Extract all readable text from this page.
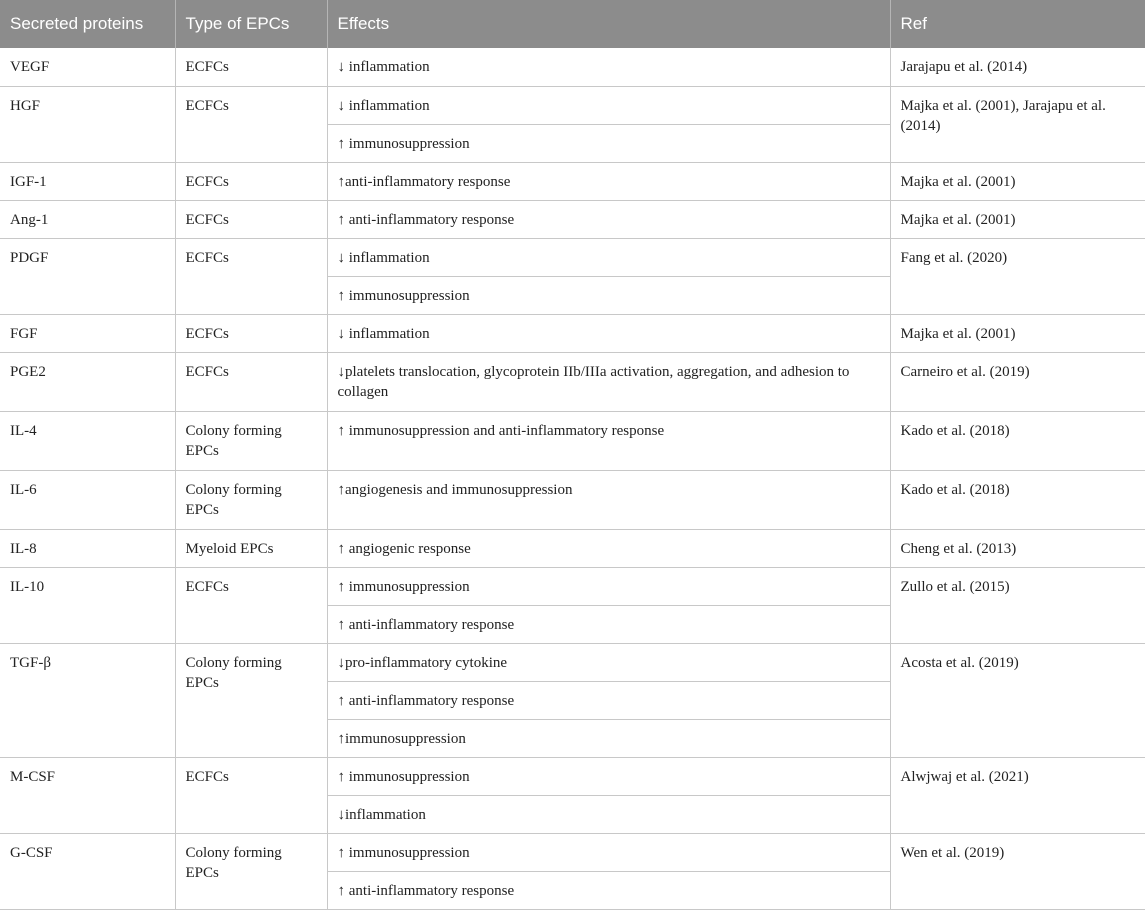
Secreted proteins	Type of EPCs	Effects	Ref
VEGF	ECFCs	↓ inflammation	Jarajapu et al. (2014)
HGF	ECFCs	↓ inflammation	Majka et al. (2001), Jarajapu et al. (2014)
		↑ immunosuppression	
IGF-1	ECFCs	↑anti-inflammatory response	Majka et al. (2001)
Ang-1	ECFCs	↑ anti-inflammatory response	Majka et al. (2001)
PDGF	ECFCs	↓ inflammation	Fang et al. (2020)
		↑ immunosuppression	
FGF	ECFCs	↓ inflammation	Majka et al. (2001)
PGE2	ECFCs	↓platelets translocation, glycoprotein IIb/IIIa activation, aggregation, and adhesion to collagen	Carneiro et al. (2019)
IL-4	Colony forming EPCs	↑ immunosuppression and anti-inflammatory response	Kado et al. (2018)
IL-6	Colony forming EPCs	↑angiogenesis and immunosuppression	Kado et al. (2018)
IL-8	Myeloid EPCs	↑ angiogenic response	Cheng et al. (2013)
IL-10	ECFCs	↑ immunosuppression	Zullo et al. (2015)
		↑ anti-inflammatory response	
TGF-β	Colony forming EPCs	↓pro-inflammatory cytokine	Acosta et al. (2019)
		↑ anti-inflammatory response	
		↑immunosuppression	
M-CSF	ECFCs	↑ immunosuppression	Alwjwaj et al. (2021)
		↓inflammation	
G-CSF	Colony forming EPCs	↑ immunosuppression	Wen et al. (2019)
		↑ anti-inflammatory response	
